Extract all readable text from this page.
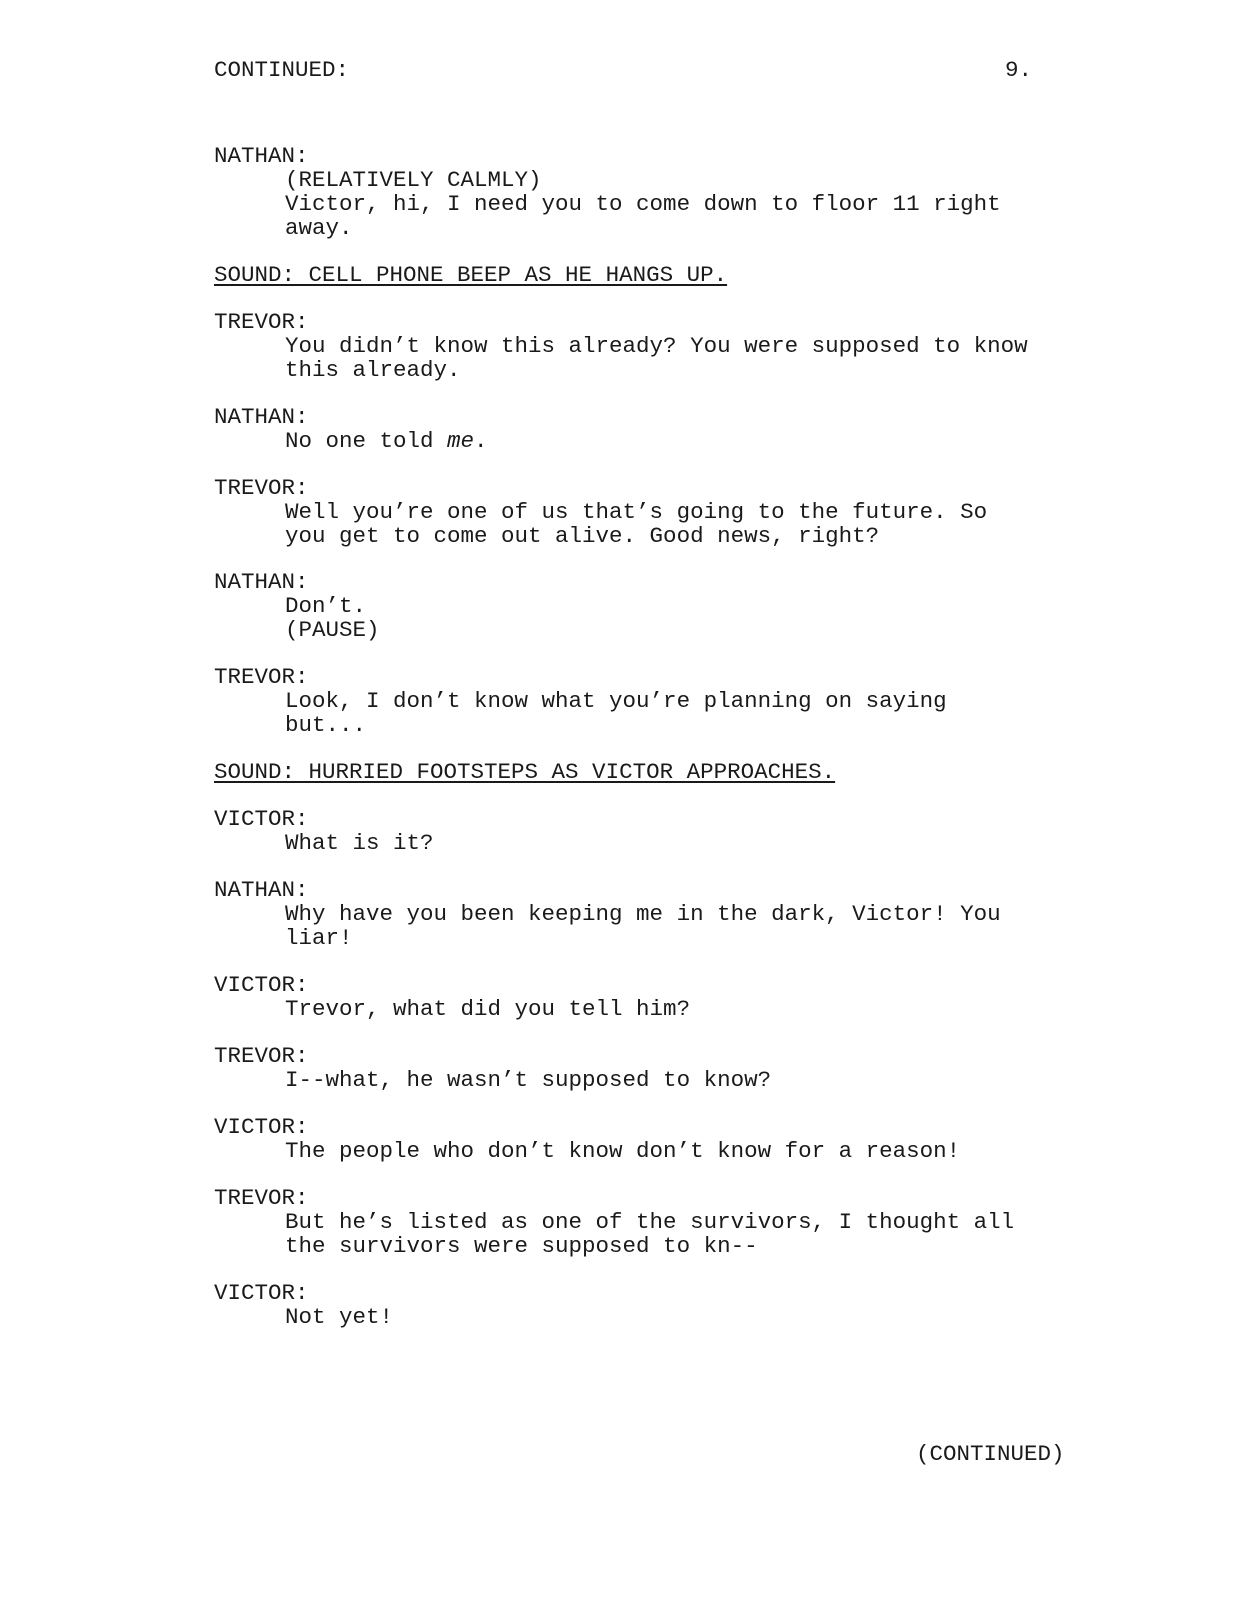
CONTINUED:	9.
NATHAN:
(RELATIVELY CALMLY)
Victor, hi, I need you to come down to floor 11 right
away.
SOUND: CELL PHONE BEEP AS HE HANGS UP.
TREVOR:
You didn’t know this already? You were supposed to know
this already.
NATHAN:
No one told me.
TREVOR:
Well you’re one of us that’s going to the future. So
you get to come out alive. Good news, right?
NATHAN:
Don’t.
(PAUSE)
TREVOR:
Look, I don’t know what you’re planning on saying
but...
SOUND: HURRIED FOOTSTEPS AS VICTOR APPROACHES.
VICTOR:
What is it?
NATHAN:
Why have you been keeping me in the dark, Victor! You
liar!
VICTOR:
Trevor, what did you tell him?
TREVOR:
I--what, he wasn’t supposed to know?
VICTOR:
The people who don’t know don’t know for a reason!
TREVOR:
But he’s listed as one of the survivors, I thought all
the survivors were supposed to kn--
VICTOR:
Not yet!
(CONTINUED)
